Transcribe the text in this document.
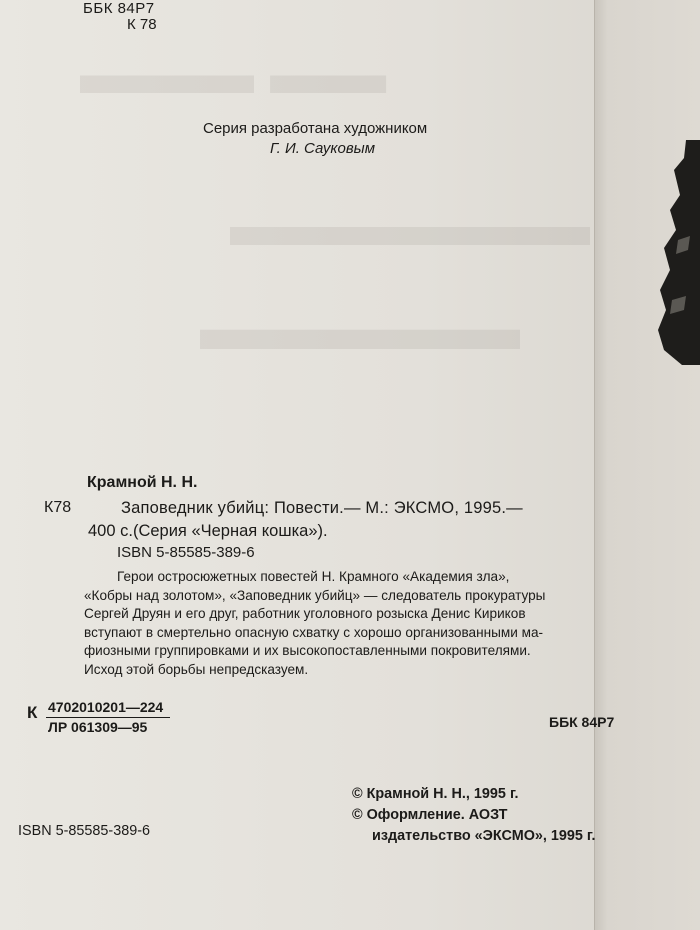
▬▬ ▬▬▬
▬▬▬▬▬▬
▬▬▬▬▬
ББК 84Р7
К 78
Серия разработана художником
Г. И. Сауковым
Крамной Н. Н.
К78	Заповедник убийц: Повести.— М.: ЭКСМО, 1995.—
400 с.(Серия «Черная кошка»).
ISBN 5-85585-389-6
Герои остросюжетных повестей Н. Крамного «Академия зла»,
«Кобры над золотом», «Заповедник убийц» — следователь прокуратуры
Сергей Друян и его друг, работник уголовного розыска Денис Кириков
вступают в смертельно опасную схватку с хорошо организованными ма-
фиозными группировками и их высокопоставленными покровителями.
Исход этой борьбы непредсказуем.
К 4702010201—224
ЛР 061309—95	ББК 84Р7
© Крамной Н. Н., 1995 г.
© Оформление. АОЗТ
издательство «ЭКСМО», 1995 г.
ISBN 5-85585-389-6
